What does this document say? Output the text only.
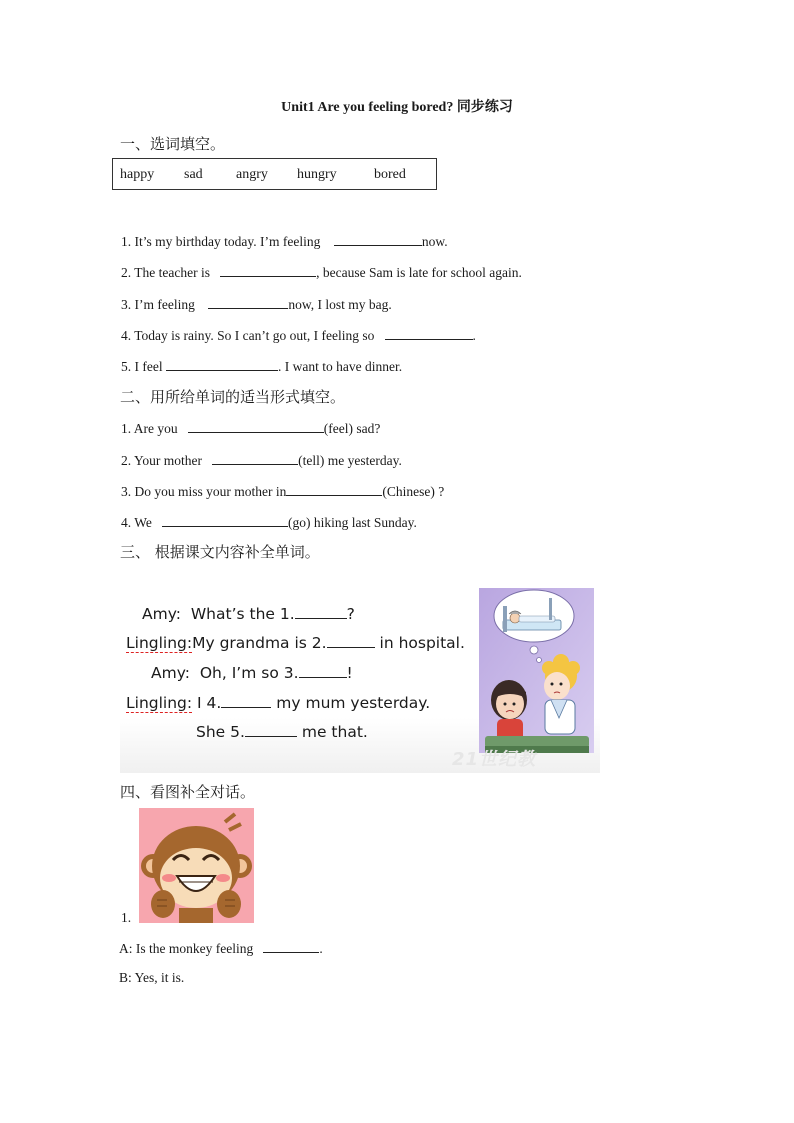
Unit1 Are you feeling bored? 同步练习
一、选词填空。
happy sad angry hungry	bored
1. It’s my birthday today. I’m feeling	now.
2. The teacher is	, because Sam is late for school again.
3. I’m feeling	now, I lost my bag.
4. Today is rainy. So I can’t go out, I feeling so	.
5. I feel	. I want to have dinner.
二、用所给单词的适当形式填空。
1. Are you	(feel) sad?
2. Your mother	(tell) me yesterday.
3. Do you miss your mother in	(Chinese) ?
4. We	(go) hiking last Sunday.
三、 根据课文内容补全单词。
Amy: What’s the 1.	?
Lingling:My grandma is 2.	in hospital.
Amy: Oh, I’m so 3.	!
Lingling: I 4.	my mum yesterday.
She 5.	me that.
21世纪教
四、看图补全对话。
1.
A: Is the monkey feeling	.
B: Yes, it is.
